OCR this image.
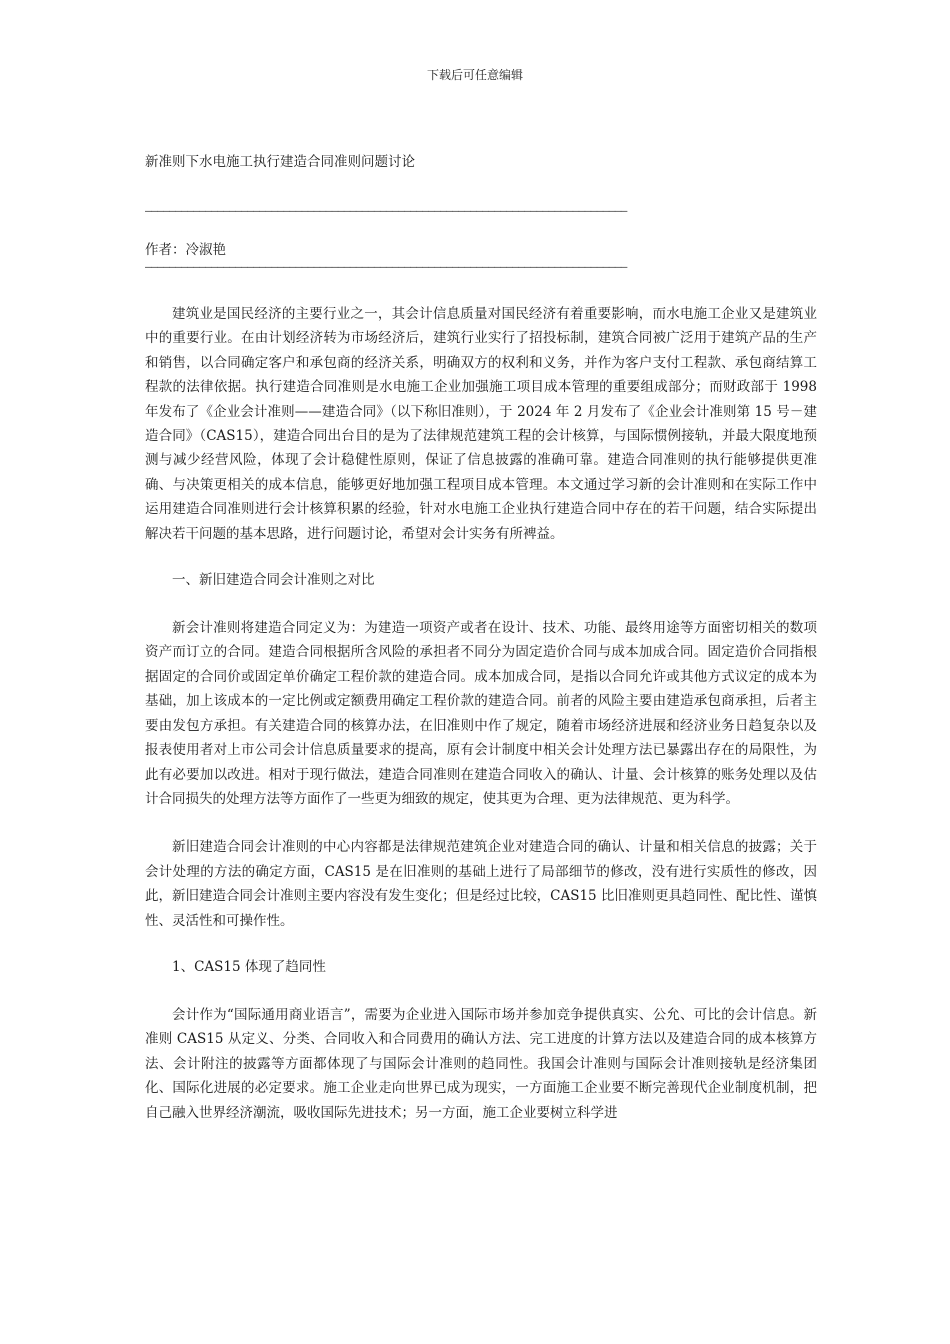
下载后可任意编辑
新准则下水电施工执行建造合同准则问题讨论
————————————————————————————————————————————————————————————————————————————————
作者：冷淑艳
————————————————————————————————————————————————————————————————————————————————

建筑业是国民经济的主要行业之一，其会计信息质量对国民经济有着重要影响，而水电施工企业又是建筑业中的重要行业。在由计划经济转为市场经济后，建筑行业实行了招投标制，建筑合同被广泛用于建筑产品的生产和销售，以合同确定客户和承包商的经济关系，明确双方的权利和义务，并作为客户支付工程款、承包商结算工程款的法律依据。执行建造合同准则是水电施工企业加强施工项目成本管理的重要组成部分；而财政部于 1998 年发布了《企业会计准则——建造合同》（以下称旧准则），于 2024 年 2 月发布了《企业会计准则第 15 号－建造合同》（CAS15），建造合同出台目的是为了法律规范建筑工程的会计核算，与国际惯例接轨，并最大限度地预测与减少经营风险，体现了会计稳健性原则，保证了信息披露的准确可靠。建造合同准则的执行能够提供更准确、与决策更相关的成本信息，能够更好地加强工程项目成本管理。本文通过学习新的会计准则和在实际工作中运用建造合同准则进行会计核算积累的经验，针对水电施工企业执行建造合同中存在的若干问题，结合实际提出解决若干问题的基本思路，进行问题讨论，希望对会计实务有所裨益。

一、新旧建造合同会计准则之对比

新会计准则将建造合同定义为：为建造一项资产或者在设计、技术、功能、最终用途等方面密切相关的数项资产而订立的合同。建造合同根据所含风险的承担者不同分为固定造价合同与成本加成合同。固定造价合同指根据固定的合同价或固定单价确定工程价款的建造合同。成本加成合同，是指以合同允许或其他方式议定的成本为基础，加上该成本的一定比例或定额费用确定工程价款的建造合同。前者的风险主要由建造承包商承担，后者主要由发包方承担。有关建造合同的核算办法，在旧准则中作了规定，随着市场经济进展和经济业务日趋复杂以及报表使用者对上市公司会计信息质量要求的提高，原有会计制度中相关会计处理方法已暴露出存在的局限性，为此有必要加以改进。相对于现行做法，建造合同准则在建造合同收入的确认、计量、会计核算的账务处理以及估计合同损失的处理方法等方面作了一些更为细致的规定，使其更为合理、更为法律规范、更为科学。

新旧建造合同会计准则的中心内容都是法律规范建筑企业对建造合同的确认、计量和相关信息的披露；关于会计处理的方法的确定方面，CAS15 是在旧准则的基础上进行了局部细节的修改，没有进行实质性的修改，因此，新旧建造合同会计准则主要内容没有发生变化；但是经过比较，CAS15 比旧准则更具趋同性、配比性、谨慎性、灵活性和可操作性。

1、CAS15 体现了趋同性

会计作为“国际通用商业语言”，需要为企业进入国际市场并参加竞争提供真实、公允、可比的会计信息。新准则 CAS15 从定义、分类、合同收入和合同费用的确认方法、完工进度的计算方法以及建造合同的成本核算方法、会计附注的披露等方面都体现了与国际会计准则的趋同性。我国会计准则与国际会计准则接轨是经济集团化、国际化进展的必定要求。施工企业走向世界已成为现实，一方面施工企业要不断完善现代企业制度机制，把自己融入世界经济潮流，吸收国际先进技术；另一方面，施工企业要树立科学进
